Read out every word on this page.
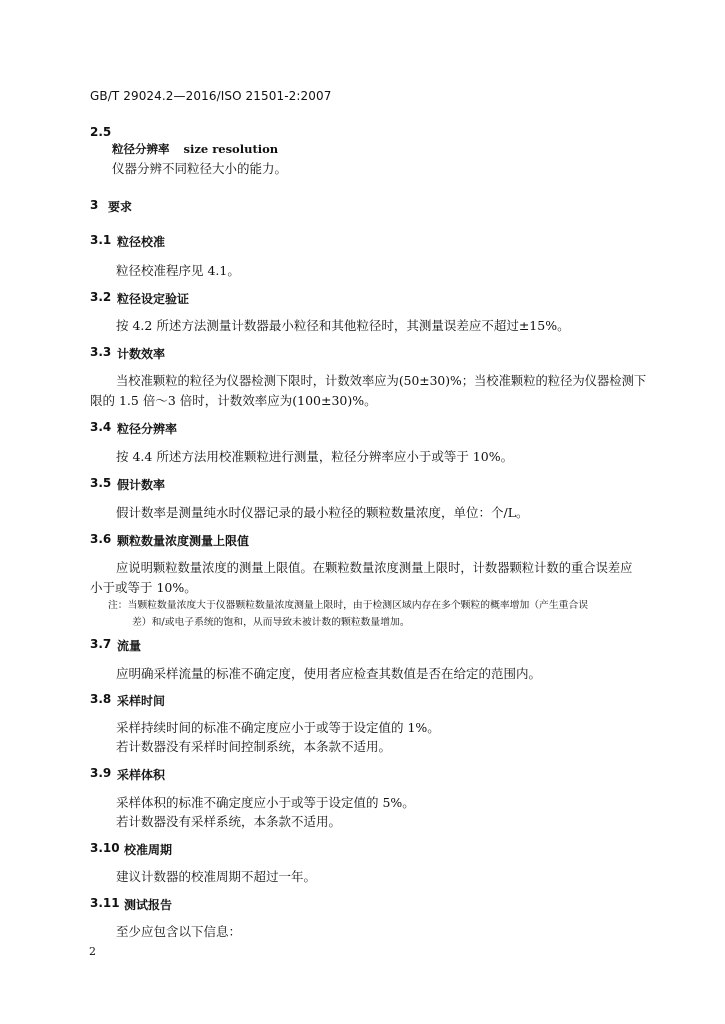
GB/T 29024.2—2016/ISO 21501-2:2007
2.5
粒径分辨率 size resolution
仪器分辨不同粒径大小的能力。
3 要求
3.1 粒径校准
粒径校准程序见 4.1。
3.2 粒径设定验证
按 4.2 所述方法测量计数器最小粒径和其他粒径时，其测量误差应不超过±15%。
3.3 计数效率
当校准颗粒的粒径为仪器检测下限时，计数效率应为(50±30)%；当校准颗粒的粒径为仪器检测下
限的 1.5 倍～3 倍时，计数效率应为(100±30)%。
3.4 粒径分辨率
按 4.4 所述方法用校准颗粒进行测量，粒径分辨率应小于或等于 10%。
3.5 假计数率
假计数率是测量纯水时仪器记录的最小粒径的颗粒数量浓度，单位：个/L。
3.6 颗粒数量浓度测量上限值
应说明颗粒数量浓度的测量上限值。在颗粒数量浓度测量上限时，计数器颗粒计数的重合误差应
小于或等于 10%。
注：当颗粒数量浓度大于仪器颗粒数量浓度测量上限时，由于检测区域内存在多个颗粒的概率增加（产生重合误
差）和/或电子系统的饱和，从而导致未被计数的颗粒数量增加。
3.7 流量
应明确采样流量的标准不确定度，使用者应检查其数值是否在给定的范围内。
3.8 采样时间
采样持续时间的标准不确定度应小于或等于设定值的 1%。
若计数器没有采样时间控制系统，本条款不适用。
3.9 采样体积
采样体积的标准不确定度应小于或等于设定值的 5%。
若计数器没有采样系统，本条款不适用。
3.10 校准周期
建议计数器的校准周期不超过一年。
3.11 测试报告
至少应包含以下信息：
2
